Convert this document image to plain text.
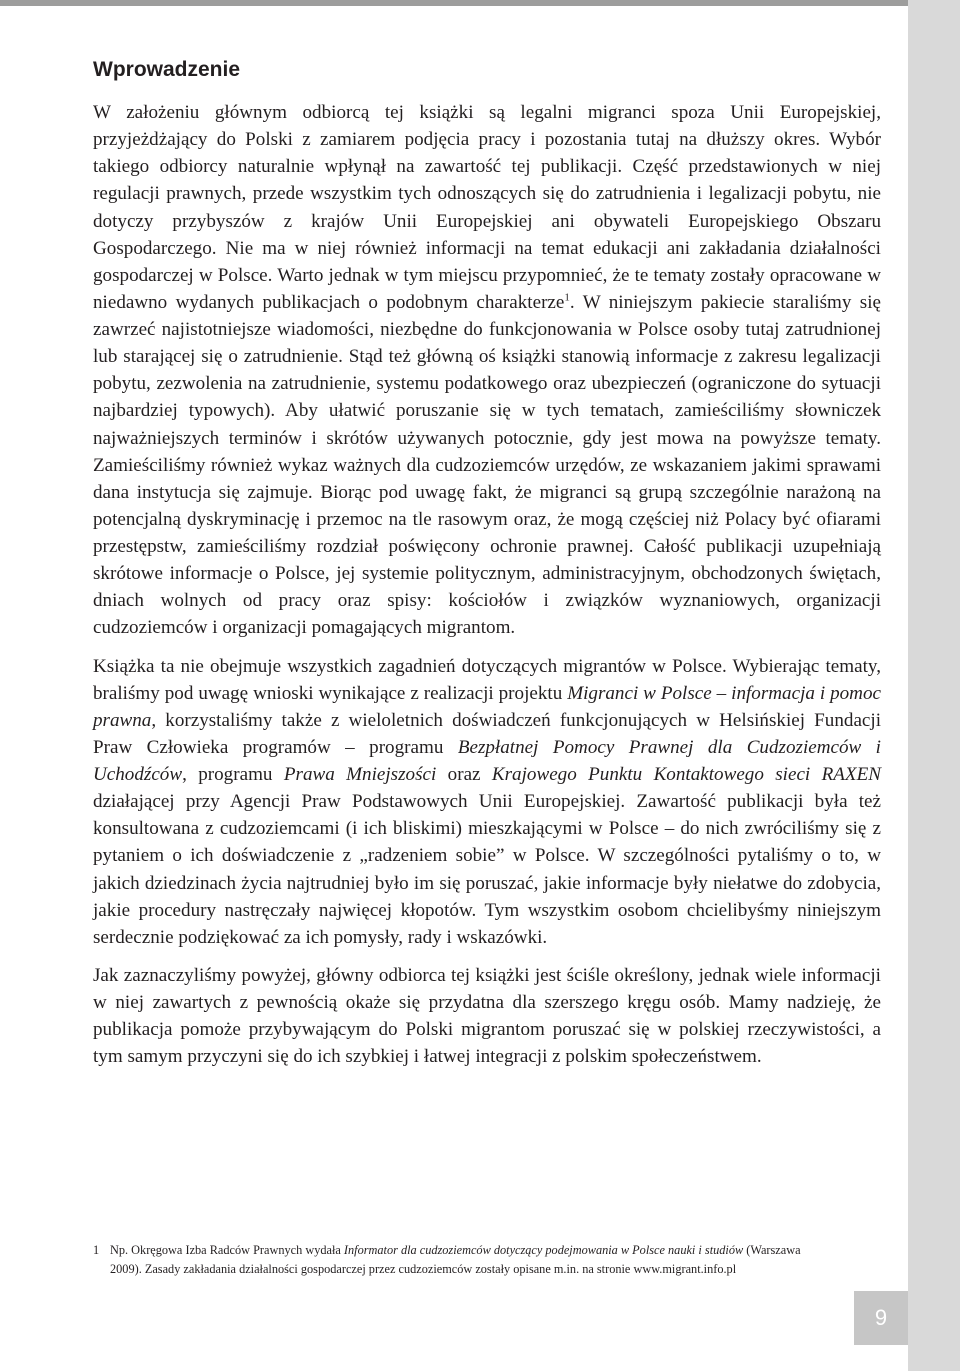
Wprowadzenie

W założeniu głównym odbiorcą tej książki są legalni migranci spoza Unii Europejskiej, przyjeżdżający do Polski z zamiarem podjęcia pracy i pozostania tutaj na dłuższy okres. Wybór takiego odbiorcy naturalnie wpłynął na zawartość tej publikacji. Część przedstawionych w niej regulacji prawnych, przede wszystkim tych odnoszących się do zatrudnienia i legalizacji pobytu, nie dotyczy przybyszów z krajów Unii Europejskiej ani obywateli Europejskiego Obszaru Gospodarczego. Nie ma w niej również informacji na temat edukacji ani zakładania działalności gospodarczej w Polsce. Warto jednak w tym miejscu przypomnieć, że te tematy zostały opracowane w niedawno wydanych publikacjach o podobnym charakterze$^1$. W niniejszym pakiecie staraliśmy się zawrzeć najistotniejsze wiadomości, niezbędne do funkcjonowania w Polsce osoby tutaj zatrudnionej lub starającej się o zatrudnienie. Stąd też główną oś książki stanowią informacje z zakresu legalizacji pobytu, zezwolenia na zatrudnienie, systemu podatkowego oraz ubezpieczeń (ograniczone do sytuacji najbardziej typowych). Aby ułatwić poruszanie się w tych tematach, zamieściliśmy słowniczek najważniejszych terminów i skrótów używanych potocznie, gdy jest mowa na powyższe tematy. Zamieściliśmy również wykaz ważnych dla cudzoziemców urzędów, ze wskazaniem jakimi sprawami dana instytucja się zajmuje. Biorąc pod uwagę fakt, że migranci są grupą szczególnie narażoną na potencjalną dyskryminację i przemoc na tle rasowym oraz, że mogą częściej niż Polacy być ofiarami przestępstw, zamieściliśmy rozdział poświęcony ochronie prawnej. Całość publikacji uzupełniają skrótowe informacje o Polsce, jej systemie politycznym, administracyjnym, obchodzonych świętach, dniach wolnych od pracy oraz spisy: kościołów i związków wyznaniowych, organizacji cudzoziemców i organizacji pomagających migrantom.

Książka ta nie obejmuje wszystkich zagadnień dotyczących migrantów w Polsce. Wybierając tematy, braliśmy pod uwagę wnioski wynikające z realizacji projektu Migranci w Polsce – informacja i pomoc prawna, korzystaliśmy także z wieloletnich doświadczeń funkcjonujących w Helsińskiej Fundacji Praw Człowieka programów – programu Bezpłatnej Pomocy Prawnej dla Cudzoziemców i Uchodźców, programu Prawa Mniejszości oraz Krajowego Punktu Kontaktowego sieci RAXEN działającej przy Agencji Praw Podstawowych Unii Europejskiej. Zawartość publikacji była też konsultowana z cudzoziemcami (i ich bliskimi) mieszkającymi w Polsce – do nich zwróciliśmy się z pytaniem o ich doświadczenie z „radzeniem sobie” w Polsce. W szczególności pytaliśmy o to, w jakich dziedzinach życia najtrudniej było im się poruszać, jakie informacje były niełatwe do zdobycia, jakie procedury nastręczały najwięcej kłopotów. Tym wszystkim osobom chcielibyśmy niniejszym serdecznie podziękować za ich pomysły, rady i wskazówki.

Jak zaznaczyliśmy powyżej, główny odbiorca tej książki jest ściśle określony, jednak wiele informacji w niej zawartych z pewnością okaże się przydatna dla szerszego kręgu osób. Mamy nadzieję, że publikacja pomoże przybywającym do Polski migrantom poruszać się w polskiej rzeczywistości, a tym samym przyczyni się do ich szybkiej i łatwej integracji z polskim społeczeństwem.

1 Np. Okręgowa Izba Radców Prawnych wydała Informator dla cudzoziemców dotyczący podejmowania w Polsce nauki i studiów (Warszawa
2009). Zasady zakładania działalności gospodarczej przez cudzoziemców zostały opisane m.in. na stronie www.migrant.info.pl
9
